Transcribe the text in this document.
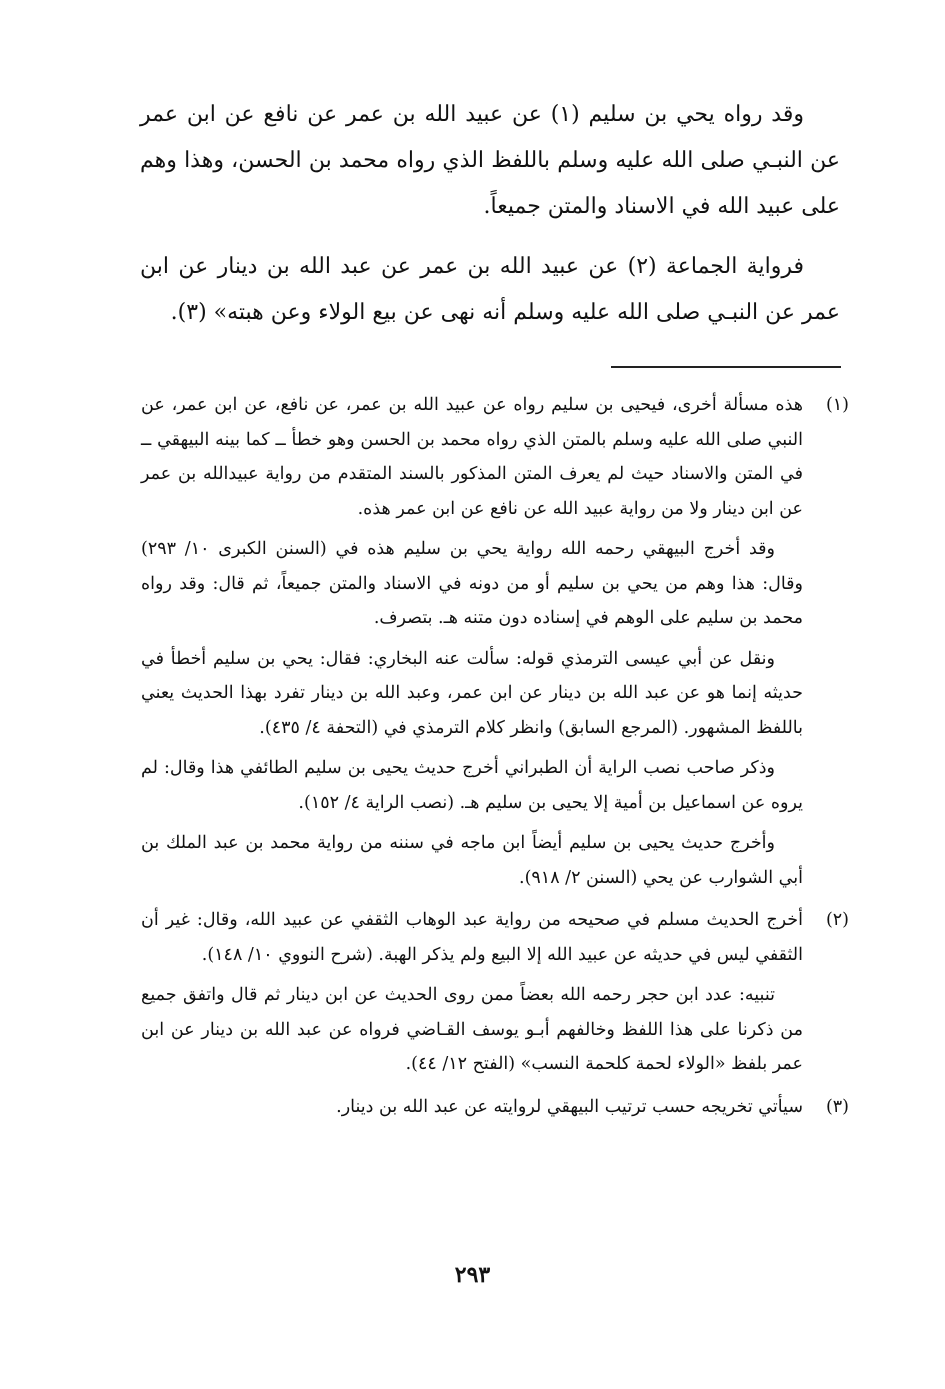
وقد رواه يحي بن سليم (١) عن عبيد الله بن عمر عن نافع عن ابن عمر عن النبـي صلى الله عليه وسلم باللفظ الذي رواه محمد بن الحسن، وهذا وهم على عبيد الله في الاسناد والمتن جميعاً.

فرواية الجماعة (٢) عن عبيد الله بن عمر عن عبد الله بن دينار عن ابن عمر عن النبـي صلى الله عليه وسلم أنه نهى عن بيع الولاء وعن هبته» (٣).

(١)

هذه مسألة أخرى، فيحيى بن سليم رواه عن عبيد الله بن عمر، عن نافع، عن ابن عمر، عن النبي صلى الله عليه وسلم بالمتن الذي رواه محمد بن الحسن وهو خطأ ــ كما بينه البيهقي ــ في المتن والاسناد حيث لم يعرف المتن المذكور بالسند المتقدم من رواية عبيدالله بن عمر عن ابن دينار ولا من رواية عبيد الله عن نافع عن ابن عمر هذه.

وقد أخرج البيهقي رحمه الله رواية يحي بن سليم هذه في (السنن الكبرى ١٠/ ٢٩٣) وقال: هذا وهم من يحي بن سليم أو من دونه في الاسناد والمتن جميعاً، ثم قال: وقد رواه محمد بن سليم على الوهم في إسناده دون متنه هـ. بتصرف.

ونقل عن أبي عيسى الترمذي قوله: سألت عنه البخاري: فقال: يحي بن سليم أخطأ في حديثه إنما هو عن عبد الله بن دينار عن ابن عمر، وعبد الله بن دينار تفرد بهذا الحديث يعني باللفظ المشهور. (المرجع السابق) وانظر كلام الترمذي في (التحفة ٤/ ٤٣٥).

وذكر صاحب نصب الراية أن الطبراني أخرج حديث يحيى بن سليم الطائفي هذا وقال: لم يروه عن اسماعيل بن أمية إلا يحيى بن سليم هـ. (نصب الراية ٤/ ١٥٢).

وأخرج حديث يحيى بن سليم أيضاً ابن ماجه في سننه من رواية محمد بن عبد الملك بن أبي الشوارب عن يحي (السنن ٢/ ٩١٨).

(٢)

أخرج الحديث مسلم في صحيحه من رواية عبد الوهاب الثقفي عن عبيد الله، وقال: غير أن الثقفي ليس في حديثه عن عبيد الله إلا البيع ولم يذكر الهبة. (شرح النووي ١٠/ ١٤٨).

تنبيه: عدد ابن حجر رحمه الله بعضاً ممن روى الحديث عن ابن دينار ثم قال واتفق جميع من ذكرنا على هذا اللفظ وخالفهم أبـو يوسف القـاضي فرواه عن عبد الله بن دينار عن ابن عمر بلفظ «الولاء لحمة كلحمة النسب» (الفتح ١٢/ ٤٤).

(٣)

سيأتي تخريجه حسب ترتيب البيهقي لروايته عن عبد الله بن دينار.

٢٩٣
